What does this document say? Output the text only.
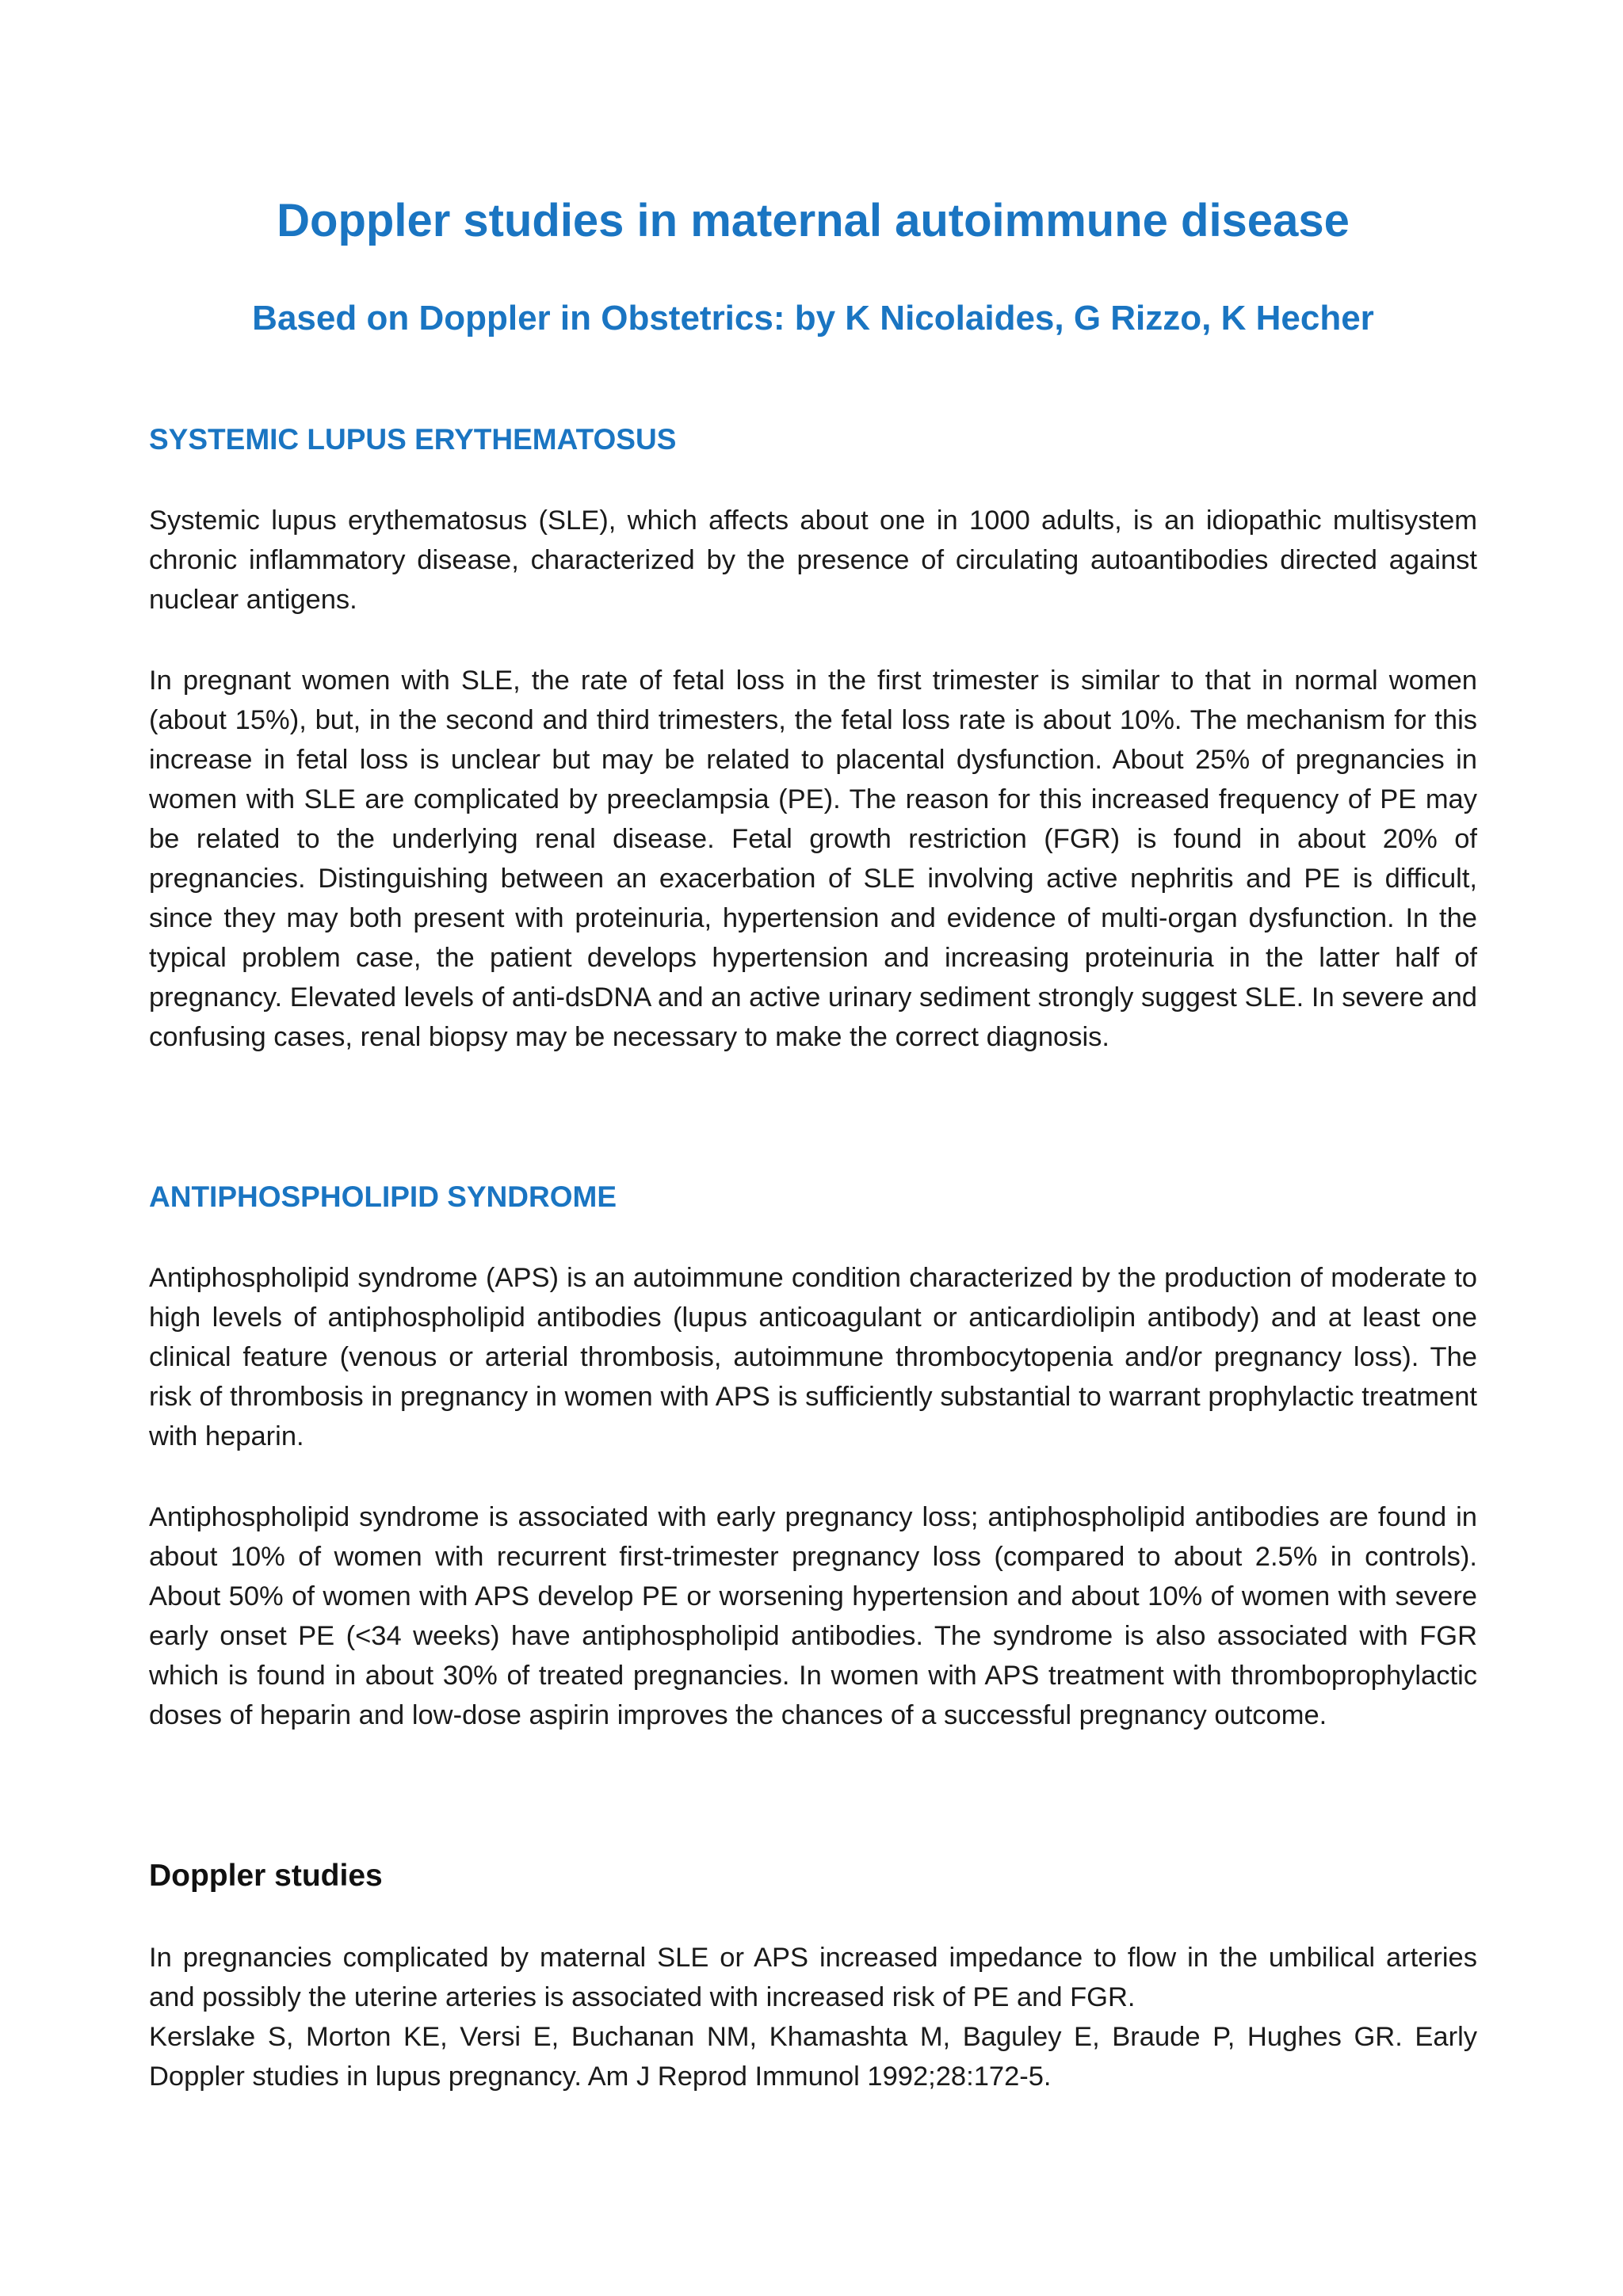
Doppler studies in maternal autoimmune disease
Based on Doppler in Obstetrics: by K Nicolaides, G Rizzo, K Hecher
SYSTEMIC LUPUS ERYTHEMATOSUS

Systemic lupus erythematosus (SLE), which affects about one in 1000 adults, is an idiopathic multisystem chronic inflammatory disease, characterized by the presence of circulating autoantibodies directed against nuclear antigens.

In pregnant women with SLE, the rate of fetal loss in the first trimester is similar to that in normal women (about 15%), but, in the second and third trimesters, the fetal loss rate is about 10%. The mechanism for this increase in fetal loss is unclear but may be related to placental dysfunction. About 25% of pregnancies in women with SLE are complicated by preeclampsia (PE). The reason for this increased frequency of PE may be related to the underlying renal disease. Fetal growth restriction (FGR) is found in about 20% of pregnancies. Distinguishing between an exacerbation of SLE involving active nephritis and PE is difficult, since they may both present with proteinuria, hypertension and evidence of multi-organ dysfunction. In the typical problem case, the patient develops hypertension and increasing proteinuria in the latter half of pregnancy. Elevated levels of anti-dsDNA and an active urinary sediment strongly suggest SLE. In severe and confusing cases, renal biopsy may be necessary to make the correct diagnosis.

ANTIPHOSPHOLIPID SYNDROME

Antiphospholipid syndrome (APS) is an autoimmune condition characterized by the production of moderate to high levels of antiphospholipid antibodies (lupus anticoagulant or anticardiolipin antibody) and at least one clinical feature (venous or arterial thrombosis, autoimmune thrombocytopenia and/or pregnancy loss). The risk of thrombosis in pregnancy in women with APS is sufficiently substantial to warrant prophylactic treatment with heparin.

Antiphospholipid syndrome is associated with early pregnancy loss; antiphospholipid antibodies are found in about 10% of women with recurrent first-trimester pregnancy loss (compared to about 2.5% in controls). About 50% of women with APS develop PE or worsening hypertension and about 10% of women with severe early onset PE (<34 weeks) have antiphospholipid antibodies. The syndrome is also associated with FGR which is found in about 30% of treated pregnancies. In women with APS treatment with thromboprophylactic doses of heparin and low-dose aspirin improves the chances of a successful pregnancy outcome.

Doppler studies

In pregnancies complicated by maternal SLE or APS increased impedance to flow in the umbilical arteries and possibly the uterine arteries is associated with increased risk of PE and FGR.

Kerslake S, Morton KE, Versi E, Buchanan NM, Khamashta M, Baguley E, Braude P, Hughes GR. Early Doppler studies in lupus pregnancy. Am J Reprod Immunol 1992;28:172-5.
